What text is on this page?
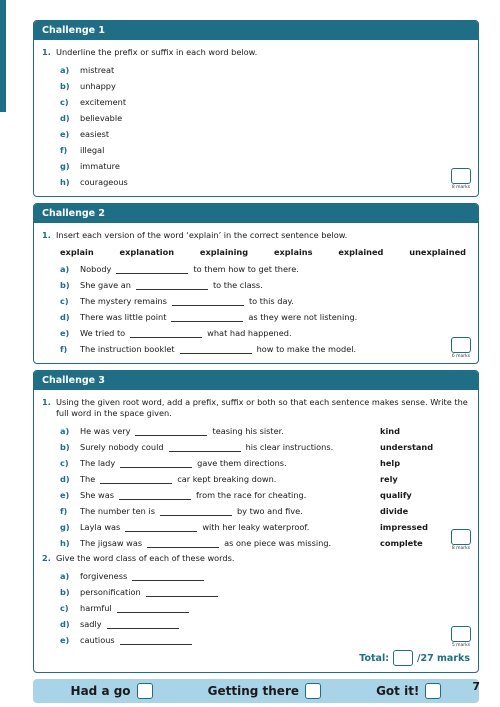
Challenge 1
1. Underline the prefix or suffix in each word below.
a)	mistreat
b)	unhappy
c)	excitement
d)	believable
e)	easiest
f)	illegal
g)	immature
h)	courageous
8 marks
Challenge 2
1. Insert each version of the word ‘explain’ in the correct sentence below.
explain	explanation	explaining	explains	explained	unexplained
a)	Nobody	to them how to get there.
b)	She gave an	to the class.
c)	The mystery remains	to this day.
d)	There was little point	as they were not listening.
e)	We tried to	what had happened.
f)	The instruction booklet	how to make the model.
6 marks
Challenge 3
1. Using the given root word, add a prefix, suffix or both so that each sentence makes sense. Write the full word in the space given.
a)	He was very	teasing his sister.	kind
b)	Surely nobody could	his clear instructions.	understand
c)	The lady	gave them directions.	help
d)	The	car kept breaking down.	rely
e)	She was	from the race for cheating.	qualify
f)	The number ten is	by two and five.	divide
g)	Layla was	with her leaky waterproof.	impressed
h)	The jigsaw was	as one piece was missing.	complete
8 marks
2. Give the word class of each of these words.
a)	forgiveness
b)	personification
c)	harmful
d)	sadly
e)	cautious
5 marks
Total:	/27 marks
Had a go	Getting there	Got it!	7
